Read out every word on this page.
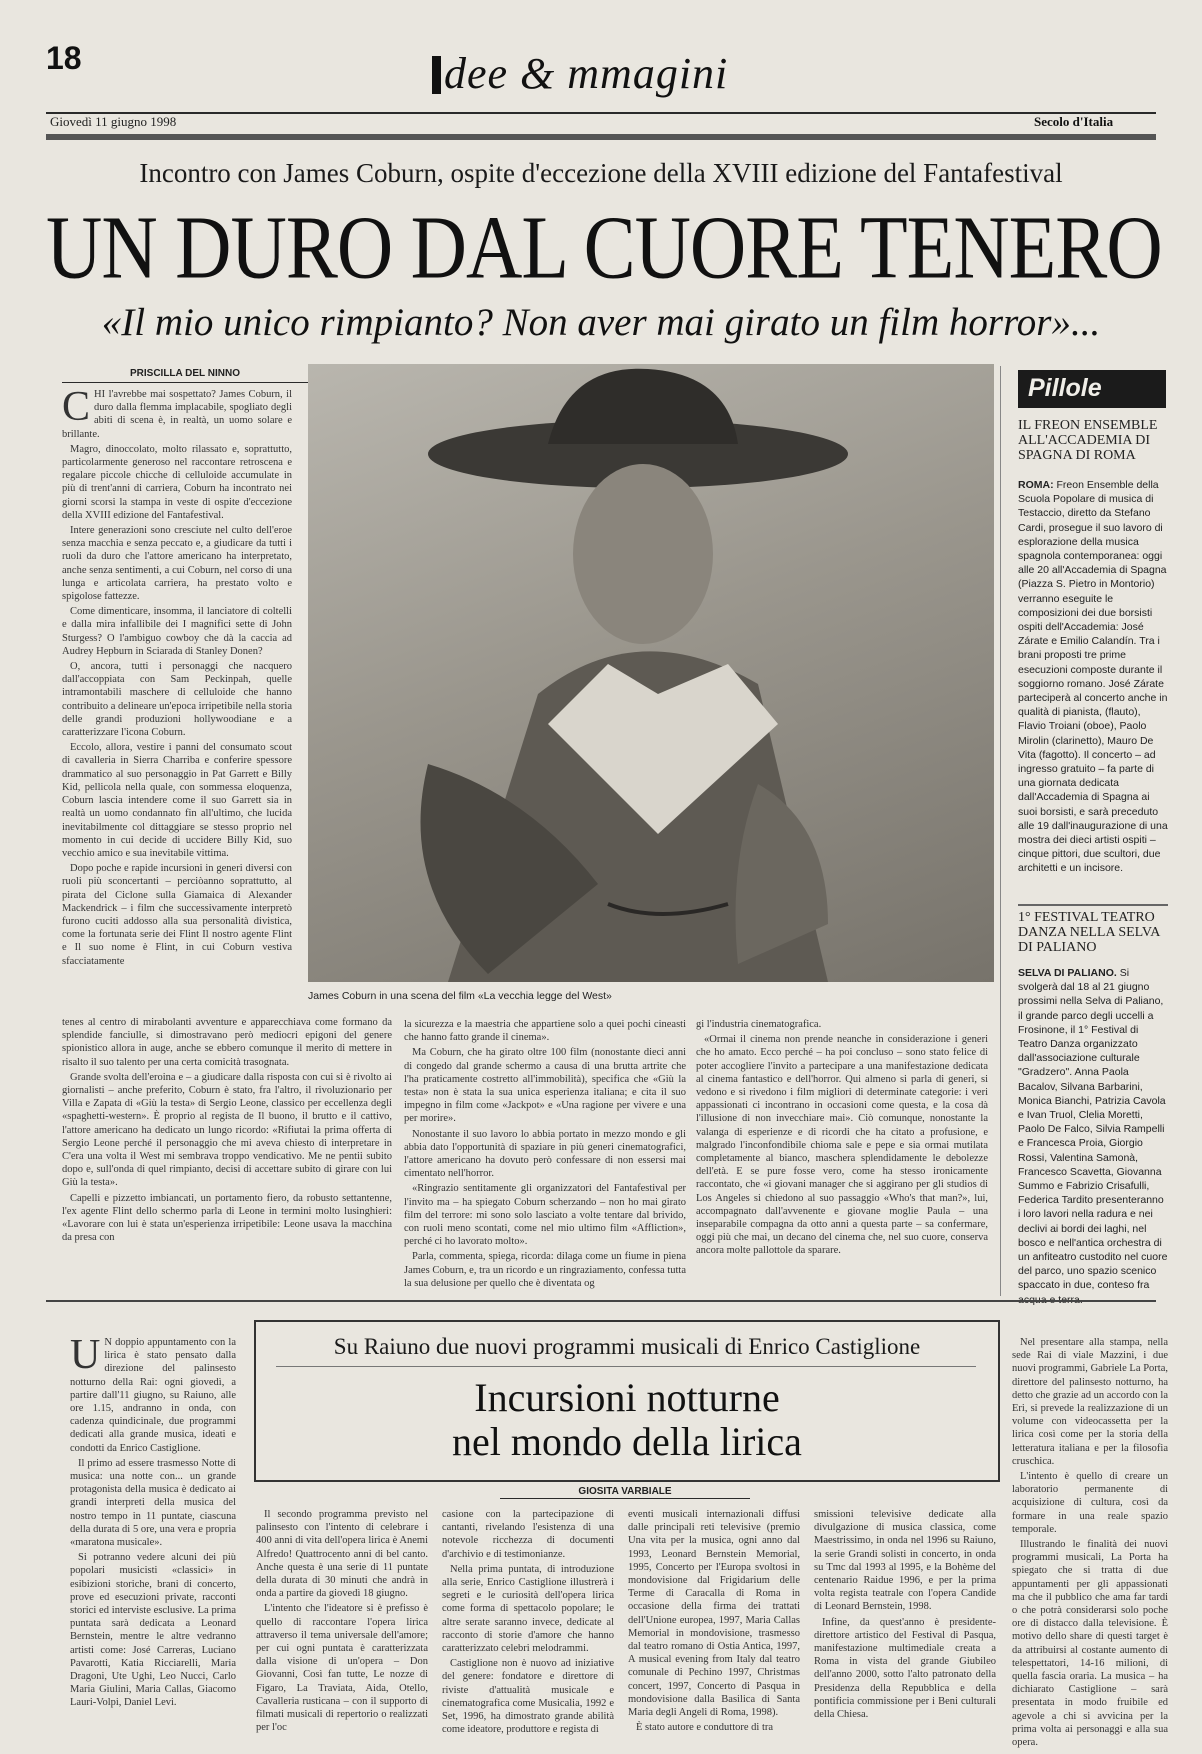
18	dee & mmagini
Giovedì 11 giugno 1998	Secolo d'Italia
Incontro con James Coburn, ospite d'eccezione della XVIII edizione del Fantafestival
UN DURO DAL CUORE TENERO
«Il mio unico rimpianto? Non aver mai girato un film horror»...
PRISCILLA DEL NINNO
James Coburn in una scena del film «La vecchia legge del West»
C HI l'avrebbe mai sospettato? James Coburn, il duro dalla flemma implacabile, spogliato degli abiti di scena è, in realtà, un uomo solare e brillante.

Magro, dinoccolato, molto rilassato e, soprattutto, particolarmente generoso nel raccontare retroscena e regalare piccole chicche di celluloide accumulate in più di trent'anni di carriera, Coburn ha incontrato nei giorni scorsi la stampa in veste di ospite d'eccezione della XVIII edizione del Fantafestival.

Intere generazioni sono cresciute nel culto dell'eroe senza macchia e senza peccato e, a giudicare da tutti i ruoli da duro che l'attore americano ha interpretato, anche senza sentimenti, a cui Coburn, nel corso di una lunga e articolata carriera, ha prestato volto e spigolose fattezze.

Come dimenticare, insomma, il lanciatore di coltelli e dalla mira infallibile dei I magnifici sette di John Sturgess? O l'ambiguo cowboy che dà la caccia ad Audrey Hepburn in Sciarada di Stanley Donen?

O, ancora, tutti i personaggi che nacquero dall'accoppiata con Sam Peckinpah, quelle intramontabili maschere di celluloide che hanno contribuito a delineare un'epoca irripetibile nella storia delle grandi produzioni hollywoodiane e a caratterizzare l'icona Coburn.

Eccolo, allora, vestire i panni del consumato scout di cavalleria in Sierra Charriba e conferire spessore drammatico al suo personaggio in Pat Garrett e Billy Kid, pellicola nella quale, con sommessa eloquenza, Coburn lascia intendere come il suo Garrett sia in realtà un uomo condannato fin all'ultimo, che lucida inevitabilmente col dittaggiare se stesso proprio nel momento in cui decide di uccidere Billy Kid, suo vecchio amico e sua inevitabile vittima.

Dopo poche e rapide incursioni in generi diversi con ruoli più sconcertanti – perciòanno soprattutto, al pirata del Ciclone sulla Giamaica di Alexander Mackendrick – i film che successivamente interpretò furono cuciti addosso alla sua personalità divistica, come la fortunata serie dei Flint Il nostro agente Flint e Il suo nome è Flint, in cui Coburn vestiva sfacciatamente

tenes al centro di mirabolanti avventure e apparecchiava come formano da splendide fanciulle, si dimostravano però mediocri epigoni del genere spionistico allora in auge, anche se ebbero comunque il merito di mettere in risalto il suo talento per una certa comicità trasognata.

Grande svolta dell'eroina e – a giudicare dalla risposta con cui si è rivolto ai giornalisti – anche preferito, Coburn è stato, fra l'altro, il rivoluzionario per Villa e Zapata di «Giù la testa» di Sergio Leone, classico per eccellenza degli «spaghetti-western». È proprio al regista de Il buono, il brutto e il cattivo, l'attore americano ha dedicato un lungo ricordo: «Rifiutai la prima offerta di Sergio Leone perché il personaggio che mi aveva chiesto di interpretare in C'era una volta il West mi sembrava troppo vendicativo. Me ne pentii subito dopo e, sull'onda di quel rimpianto, decisi di accettare subito di girare con lui Giù la testa».

Capelli e pizzetto imbiancati, un portamento fiero, da robusto settantenne, l'ex agente Flint dello schermo parla di Leone in termini molto lusinghieri: «Lavorare con lui è stata un'esperienza irripetibile: Leone usava la macchina da presa con

la sicurezza e la maestria che appartiene solo a quei pochi cineasti che hanno fatto grande il cinema».

Ma Coburn, che ha girato oltre 100 film (nonostante dieci anni di congedo dal grande schermo a causa di una brutta artrite che l'ha praticamente costretto all'immobilità), specifica che «Giù la testa» non è stata la sua unica esperienza italiana; e cita il suo impegno in film come «Jackpot» e «Una ragione per vivere e una per morire».

Nonostante il suo lavoro lo abbia portato in mezzo mondo e gli abbia dato l'opportunità di spaziare in più generi cinematografici, l'attore americano ha dovuto però confessare di non essersi mai cimentato nell'horror.

«Ringrazio sentitamente gli organizzatori del Fantafestival per l'invito ma – ha spiegato Coburn scherzando – non ho mai girato film del terrore: mi sono solo lasciato a volte tentare dal brivido, con ruoli meno scontati, come nel mio ultimo film «Affliction», perché ci ho lavorato molto».

Parla, commenta, spiega, ricorda: dilaga come un fiume in piena James Coburn, e, tra un ricordo e un ringraziamento, confessa tutta la sua delusione per quello che è diventata og

gi l'industria cinematografica.

«Ormai il cinema non prende neanche in considerazione i generi che ho amato. Ecco perché – ha poi concluso – sono stato felice di poter accogliere l'invito a partecipare a una manifestazione dedicata al cinema fantastico e dell'horror. Qui almeno si parla di generi, si vedono e si rivedono i film migliori di determinate categorie: i veri appassionati ci incontrano in occasioni come questa, e la cosa dà l'illusione di non invecchiare mai». Ciò comunque, nonostante la valanga di esperienze e di ricordi che ha citato a profusione, e malgrado l'inconfondibile chioma sale e pepe e sia ormai mutilata completamente al bianco, maschera splendidamente le debolezze dell'età. E se pure fosse vero, come ha stesso ironicamente raccontato, che «i giovani manager che si aggirano per gli studios di Los Angeles si chiedono al suo passaggio «Who's that man?», lui, accompagnato dall'avvenente e giovane moglie Paula – una inseparabile compagna da otto anni a questa parte – sa confermare, oggi più che mai, un decano del cinema che, nel suo cuore, conserva ancora molte pallottole da sparare.

Pillole
IL FREON ENSEMBLE ALL'ACCADEMIA DI SPAGNA DI ROMA
ROMA: Freon Ensemble della Scuola Popolare di musica di Testaccio, diretto da Stefano Cardi, prosegue il suo lavoro di esplorazione della musica spagnola contemporanea: oggi alle 20 all'Accademia di Spagna (Piazza S. Pietro in Montorio) verranno eseguite le composizioni dei due borsisti ospiti dell'Accademia: José Zárate e Emilio Calandín. Tra i brani proposti tre prime esecuzioni composte durante il soggiorno romano. José Zárate parteciperà al concerto anche in qualità di pianista, (flauto), Flavio Troiani (oboe), Paolo Mirolin (clarinetto), Mauro De Vita (fagotto). Il concerto – ad ingresso gratuito – fa parte di una giornata dedicata dall'Accademia di Spagna ai suoi borsisti, e sarà preceduto alle 19 dall'inaugurazione di una mostra dei dieci artisti ospiti – cinque pittori, due scultori, due architetti e un incisore.
1° FESTIVAL TEATRO DANZA NELLA SELVA DI PALIANO
SELVA DI PALIANO. Si svolgerà dal 18 al 21 giugno prossimi nella Selva di Paliano, il grande parco degli uccelli a Frosinone, il 1° Festival di Teatro Danza organizzato dall'associazione culturale "Gradzero". Anna Paola Bacalov, Silvana Barbarini, Monica Bianchi, Patrizia Cavola e Ivan Truol, Clelia Moretti, Paolo De Falco, Silvia Rampelli e Francesca Proia, Giorgio Rossi, Valentina Samonà, Francesco Scavetta, Giovanna Summo e Fabrizio Crisafulli, Federica Tardito presenteranno i loro lavori nella radura e nei declivi ai bordi dei laghi, nel bosco e nell'antica orchestra di un anfiteatro custodito nel cuore del parco, uno spazio scenico spaccato in due, conteso fra
U N doppio appuntamento con la lirica è stato pensato dalla direzione del palinsesto notturno della Rai: ogni giovedì, a partire dall'11 giugno, su Raiuno, alle ore 1.15, andranno in onda, con cadenza quindicinale, due programmi dedicati alla grande musica, ideati e condotti da Enrico Castiglione.

Il primo ad essere trasmesso Notte di musica: una notte con... un grande protagonista della musica è dedicato ai grandi interpreti della musica del nostro tempo in 11 puntate, ciascuna della durata di 5 ore, una vera e propria «maratona musicale».

Si potranno vedere alcuni dei più popolari musicisti «classici» in esibizioni storiche, brani di concerto, prove ed esecuzioni private, racconti storici ed interviste esclusive. La prima puntata sarà dedicata a Leonard Bernstein, mentre le altre vedranno artisti come: José Carreras, Luciano Pavarotti, Katia Ricciarelli, Maria Dragoni, Ute Ughi, Leo Nucci, Carlo Maria Giulini, Maria Callas, Giacomo Lauri-Volpi, Daniel Levi.

Su Raiuno due nuovi programmi musicali di Enrico Castiglione
Incursioni notturne
nel mondo della lirica
GIOSITA VARBIALE

Il secondo programma previsto nel palinsesto con l'intento di celebrare i 400 anni di vita dell'opera lirica è Anemi Alfredo! Quattrocento anni di bel canto. Anche questa è una serie di 11 puntate della durata di 30 minuti che andrà in onda a partire da giovedì 18 giugno.

L'intento che l'ideatore si è prefisso è quello di raccontare l'opera lirica attraverso il tema universale dell'amore; per cui ogni puntata è caratterizzata dalla visione di un'opera – Don Giovanni, Così fan tutte, Le nozze di Figaro, La Traviata, Aida, Otello, Cavalleria rusticana – con il supporto di filmati musicali di repertorio o realizzati per l'oc

casione con la partecipazione di cantanti, rivelando l'esistenza di una notevole ricchezza di documenti d'archivio e di testimonianze.

Nella prima puntata, di introduzione alla serie, Enrico Castiglione illustrerà i segreti e le curiosità dell'opera lirica come forma di spettacolo popolare; le altre serate saranno invece, dedicate al racconto di storie d'amore che hanno caratterizzato celebri melodrammi.

Castiglione non è nuovo ad iniziative del genere: fondatore e direttore di riviste d'attualità musicale e cinematografica come Musicalia, 1992 e Set, 1996, ha dimostrato grande abilità come ideatore, produttore e regista di

eventi musicali internazionali diffusi dalle principali reti televisive (premio Una vita per la musica, ogni anno dal 1993, Leonard Bernstein Memorial, 1995, Concerto per l'Europa svoltosi in mondovisione dal Frigidarium delle Terme di Caracalla di Roma in occasione della firma dei trattati dell'Unione europea, 1997, Maria Callas Memorial in mondovisione, trasmesso dal teatro romano di Ostia Antica, 1997, A musical evening from Italy dal teatro comunale di Pechino 1997, Christmas concert, 1997, Concerto di Pasqua in mondovisione dalla Basilica di Santa Maria degli Angeli di Roma, 1998).

È stato autore e conduttore di tra

smissioni televisive dedicate alla divulgazione di musica classica, come Maestrissimo, in onda nel 1996 su Raiuno, la serie Grandi solisti in concerto, in onda su Tmc dal 1993 al 1995, e la Bohème del centenario Raidue 1996, e per la prima volta regista teatrale con l'opera Candide di Leonard Bernstein, 1998.

Infine, da quest'anno è presidente-direttore artistico del Festival di Pasqua, manifestazione multimediale creata a Roma in vista del grande Giubileo dell'anno 2000, sotto l'alto patronato della Presidenza della Repubblica e della pontificia commissione per i Beni culturali della Chiesa.

Nel presentare alla stampa, nella sede Rai di viale Mazzini, i due nuovi programmi, Gabriele La Porta, direttore del palinsesto notturno, ha detto che grazie ad un accordo con la Eri, si prevede la realizzazione di un volume con videocassetta per la lirica così come per la storia della letteratura italiana e per la filosofia cruschica.

L'intento è quello di creare un laboratorio permanente di acquisizione di cultura, così da formare in una reale spazio temporale.

Illustrando le finalità dei nuovi programmi musicali, La Porta ha spiegato che si tratta di due appuntamenti per gli appassionati ma che il pubblico che ama far tardi o che potrà considerarsi solo poche ore di distacco dalla televisione. È motivo dello share di questi target è da attribuirsi al costante aumento di telespettatori, 14-16 milioni, di quella fascia oraria. La musica – ha dichiarato Castiglione – sarà presentata in modo fruibile ed agevole a chi si avvicina per la prima volta ai personaggi e alla sua opera.
